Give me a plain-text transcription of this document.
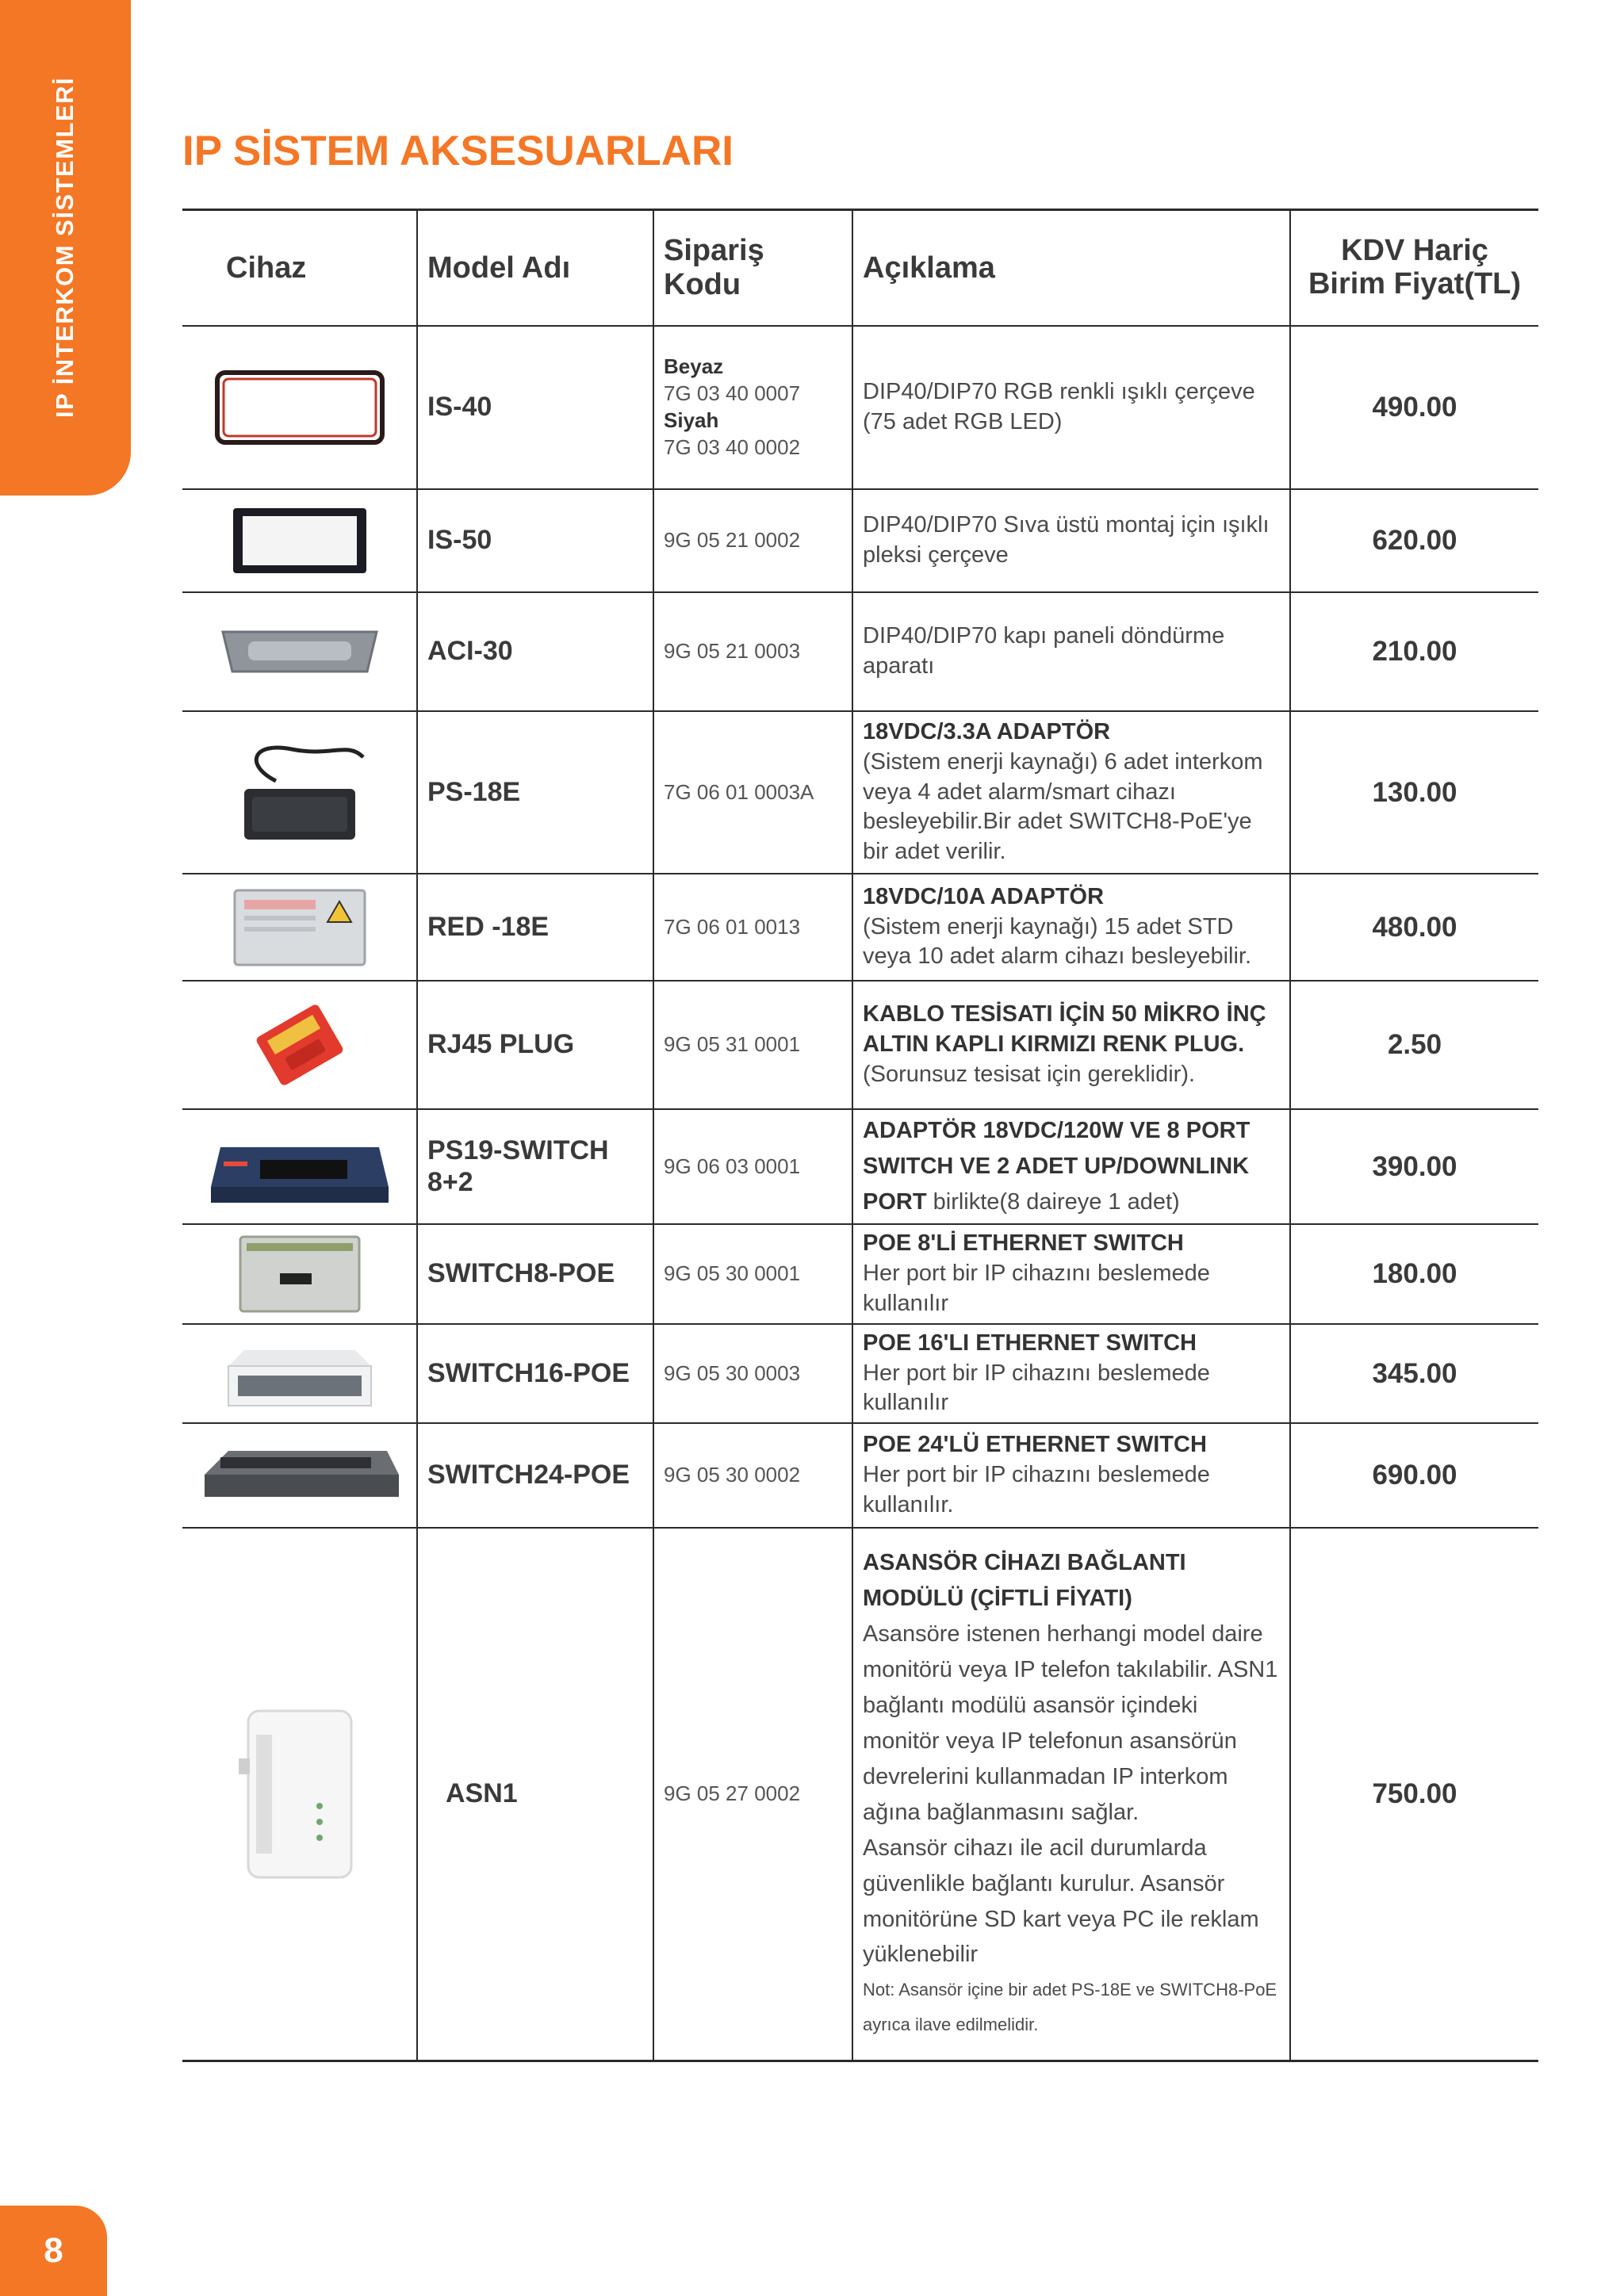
IP İNTERKOM SİSTEMLERİ IP SİSTEM AKSESUARLARI
Cihaz	Model Adı	Sipariş Kodu	Açıklama	KDV Hariç
Birim Fiyat(TL)
	IS-40	Beyaz
7G 03 40 0007
Siyah
7G 03 40 0002	DIP40/DIP70 RGB renkli ışıklı çerçeve (75 adet RGB LED)	490.00
	IS-50	9G 05 21 0002	DIP40/DIP70 Sıva üstü montaj için ışıklı pleksi çerçeve	620.00
	ACI-30	9G 05 21 0003	DIP40/DIP70 kapı paneli döndürme aparatı	210.00
	PS-18E	7G 06 01 0003A	18VDC/3.3A ADAPTÖR
(Sistem enerji kaynağı) 6 adet interkom veya 4 adet alarm/smart cihazı besleyebilir.Bir adet SWITCH8-PoE'ye bir adet verilir.	130.00
	RED -18E	7G 06 01 0013	18VDC/10A ADAPTÖR
(Sistem enerji kaynağı) 15 adet STD veya 10 adet alarm cihazı besleyebilir.	480.00
	RJ45 PLUG	9G 05 31 0001	KABLO TESİSATI İÇİN 50 MİKRO İNÇ ALTIN KAPLI KIRMIZI RENK PLUG.
(Sorunsuz tesisat için gereklidir).	2.50
	PS19-SWITCH 8+2	9G 06 03 0001	ADAPTÖR 18VDC/120W VE 8 PORT SWITCH VE 2 ADET UP/DOWNLINK PORT birlikte(8 daireye 1 adet)	390.00
	SWITCH8-POE	9G 05 30 0001	POE 8'Lİ ETHERNET SWITCH
Her port bir IP cihazını beslemede kullanılır	180.00
	SWITCH16-POE	9G 05 30 0003	POE 16'LI ETHERNET SWITCH
Her port bir IP cihazını beslemede kullanılır	345.00
	SWITCH24-POE	9G 05 30 0002	POE 24'LÜ ETHERNET SWITCH
Her port bir IP cihazını beslemede kullanılır.	690.00
	ASN1	9G 05 27 0002	ASANSÖR CİHAZI BAĞLANTI MODÜLÜ (ÇİFTLİ FİYATI)
Asansöre istenen herhangi model daire monitörü veya IP telefon takılabilir. ASN1 bağlantı modülü asansör içindeki monitör veya IP telefonun asansörün devrelerini kullanmadan IP interkom ağına bağlanmasını sağlar.
Asansör cihazı ile acil durumlarda güvenlikle bağlantı kurulur. Asansör monitörüne SD kart veya PC ile reklam yüklenebilir
Not: Asansör içine bir adet PS-18E ve SWITCH8-PoE ayrıca ilave edilmelidir.	750.00
8
